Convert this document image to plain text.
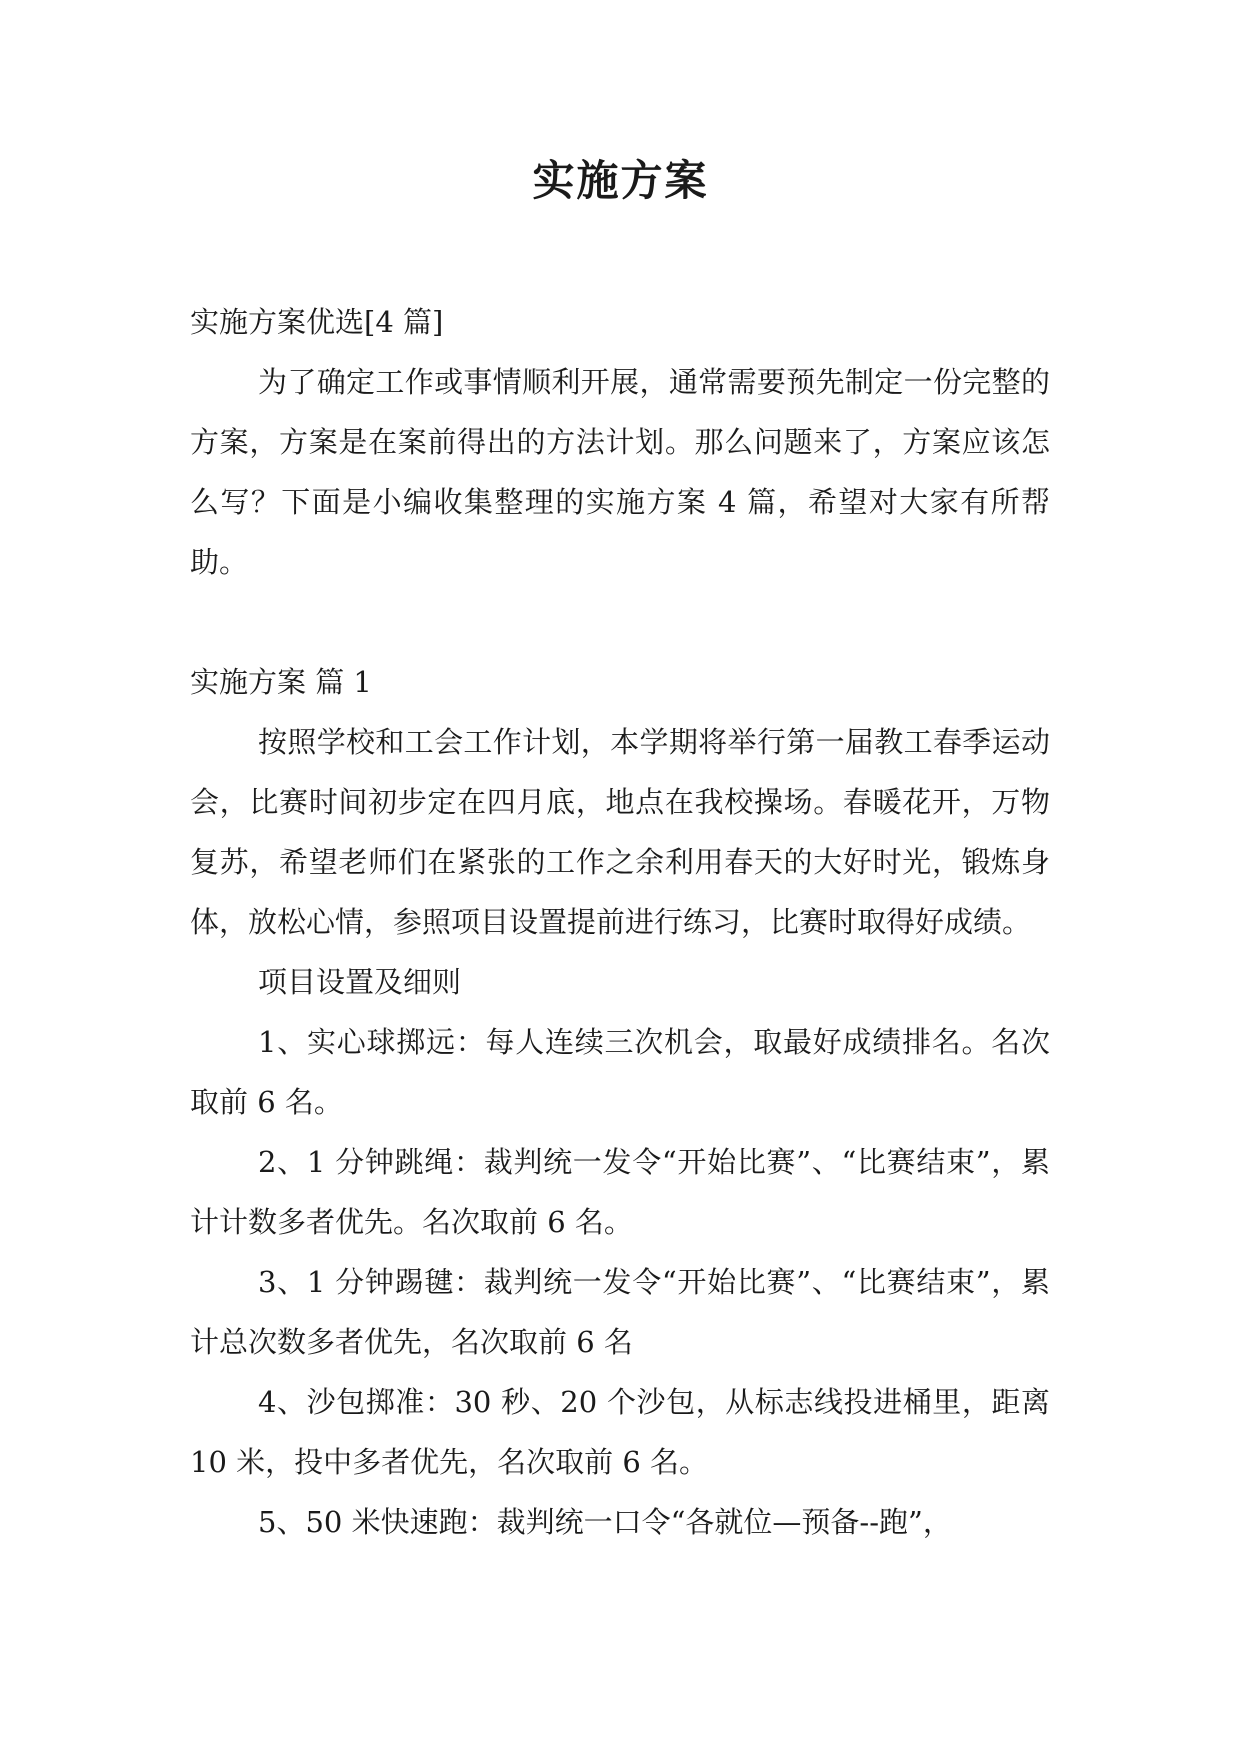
实施方案

实施方案优选[4 篇]

为了确定工作或事情顺利开展，通常需要预先制定一份完整的方案，方案是在案前得出的方法计划。那么问题来了，方案应该怎么写？下面是小编收集整理的实施方案 4 篇，希望对大家有所帮助。

实施方案 篇 1

按照学校和工会工作计划，本学期将举行第一届教工春季运动会，比赛时间初步定在四月底，地点在我校操场。春暖花开，万物复苏，希望老师们在紧张的工作之余利用春天的大好时光，锻炼身体，放松心情，参照项目设置提前进行练习，比赛时取得好成绩。

项目设置及细则

1、实心球掷远：每人连续三次机会，取最好成绩排名。名次取前 6 名。

2、1 分钟跳绳：裁判统一发令“开始比赛”、“比赛结束”，累计计数多者优先。名次取前 6 名。

3、1 分钟踢毽：裁判统一发令“开始比赛”、“比赛结束”，累计总次数多者优先，名次取前 6 名

4、沙包掷准：30 秒、20 个沙包，从标志线投进桶里，距离 10 米，投中多者优先，名次取前 6 名。

5、50 米快速跑：裁判统一口令“各就位—预备--跑”，
